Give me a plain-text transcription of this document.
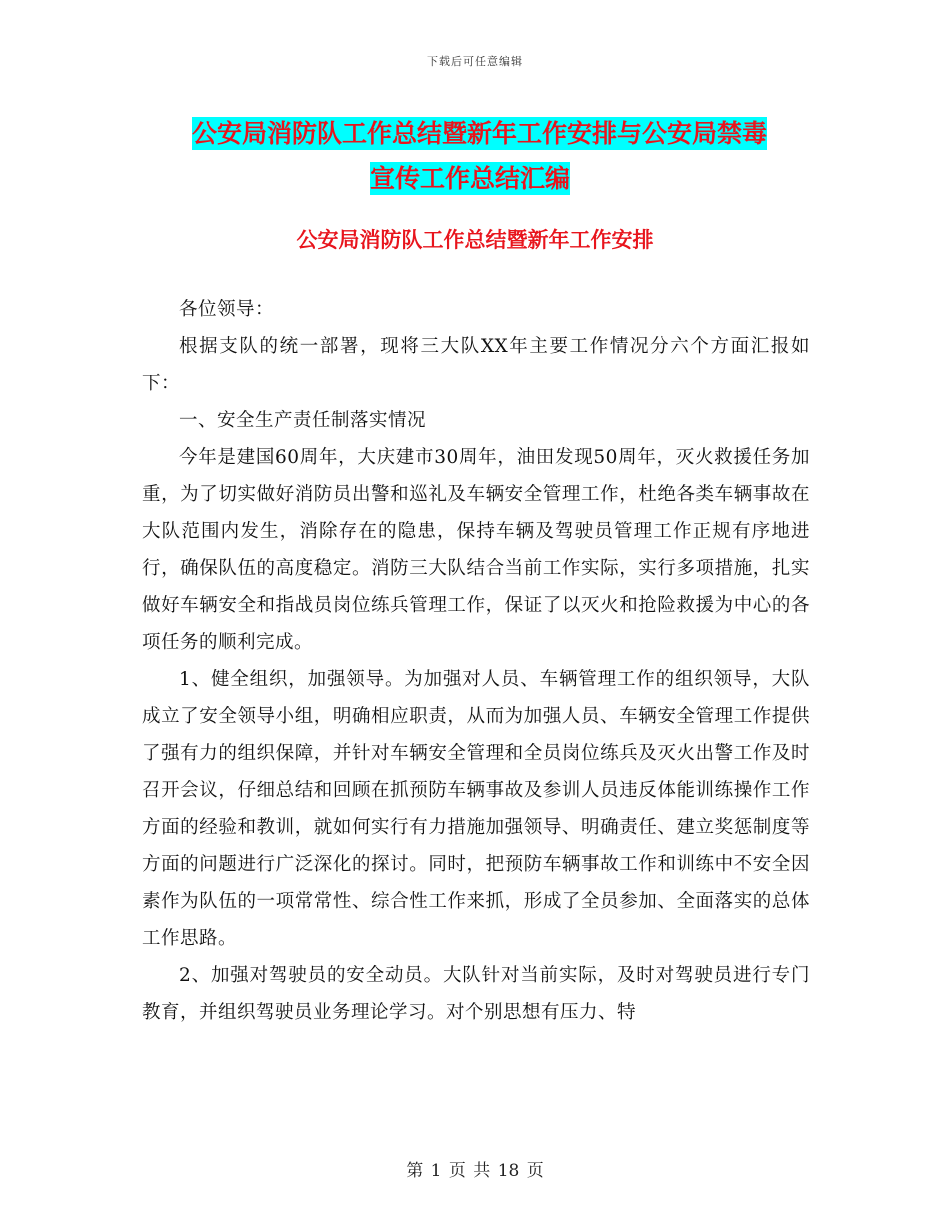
下载后可任意编辑
公安局消防队工作总结暨新年工作安排与公安局禁毒
宣传工作总结汇编
公安局消防队工作总结暨新年工作安排

各位领导：

根据支队的统一部署，现将三大队XX年主要工作情况分六个方面汇报如下：

一、安全生产责任制落实情况

今年是建国60周年，大庆建市30周年，油田发现50周年，灭火救援任务加重，为了切实做好消防员出警和巡礼及车辆安全管理工作，杜绝各类车辆事故在大队范围内发生，消除存在的隐患，保持车辆及驾驶员管理工作正规有序地进行，确保队伍的高度稳定。消防三大队结合当前工作实际，实行多项措施，扎实做好车辆安全和指战员岗位练兵管理工作，保证了以灭火和抢险救援为中心的各项任务的顺利完成。

1、健全组织，加强领导。为加强对人员、车辆管理工作的组织领导，大队成立了安全领导小组，明确相应职责，从而为加强人员、车辆安全管理工作提供了强有力的组织保障，并针对车辆安全管理和全员岗位练兵及灭火出警工作及时召开会议，仔细总结和回顾在抓预防车辆事故及参训人员违反体能训练操作工作方面的经验和教训，就如何实行有力措施加强领导、明确责任、建立奖惩制度等方面的问题进行广泛深化的探讨。同时，把预防车辆事故工作和训练中不安全因素作为队伍的一项常常性、综合性工作来抓，形成了全员参加、全面落实的总体工作思路。

2、加强对驾驶员的安全动员。大队针对当前实际，及时对驾驶员进行专门教育，并组织驾驶员业务理论学习。对个别思想有压力、特

第 1 页 共 18 页
